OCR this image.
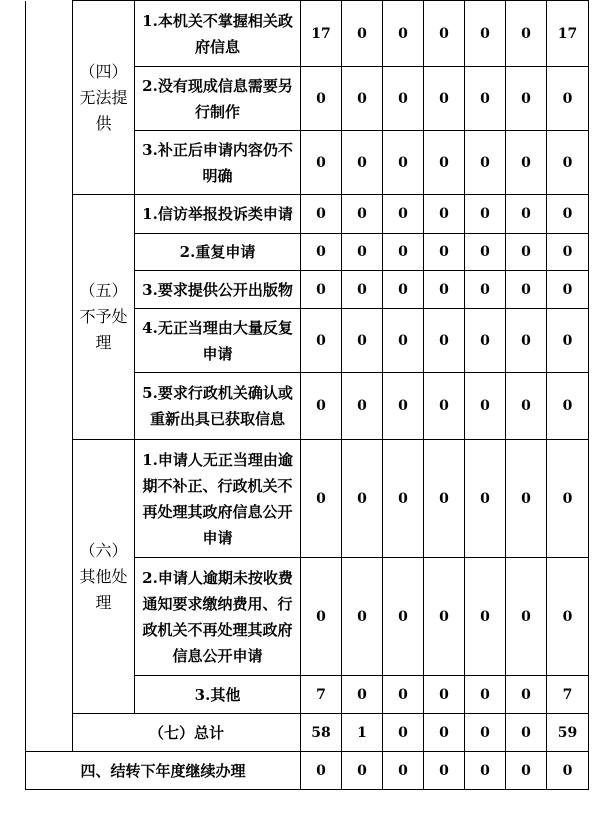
	（四）无法提供	1.本机关不掌握相关政府信息	17	0	0	0	0	0	17
		2.没有现成信息需要另行制作	0	0	0	0	0	0	0
		3.补正后申请内容仍不明确	0	0	0	0	0	0	0
	（五）不予处理	1.信访举报投诉类申请	0	0	0	0	0	0	0
		2.重复申请	0	0	0	0	0	0	0
		3.要求提供公开出版物	0	0	0	0	0	0	0
		4.无正当理由大量反复申请	0	0	0	0	0	0	0
		5.要求行政机关确认或重新出具已获取信息	0	0	0	0	0	0	0
	（六）其他处理	1.申请人无正当理由逾期不补正、行政机关不再处理其政府信息公开申请	0	0	0	0	0	0	0
		2.申请人逾期未按收费通知要求缴纳费用、行政机关不再处理其政府信息公开申请	0	0	0	0	0	0	0
		3.其他	7	0	0	0	0	0	7
	（七）总计		58	1	0	0	0	0	59
四、结转下年度继续办理			0	0	0	0	0	0	0
